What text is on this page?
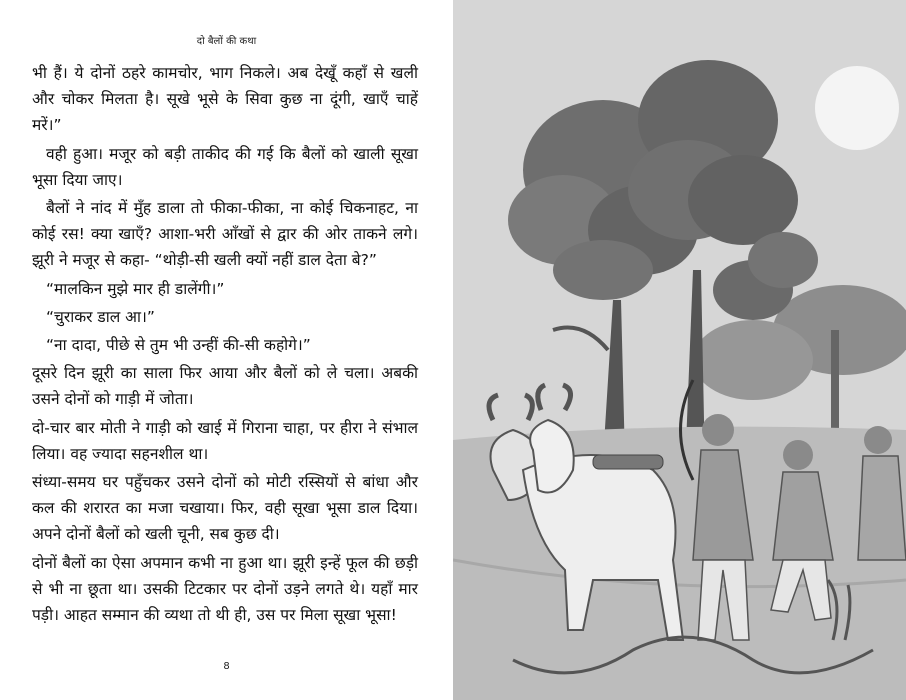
दो बैलों की कथा

भी हैं। ये दोनों ठहरे कामचोर, भाग निकले। अब देखूँ कहाँ से खली और चोकर मिलता है। सूखे भूसे के सिवा कुछ ना दूंगी, खाएँ चाहें मरें।”

वही हुआ। मजूर को बड़ी ताकीद की गई कि बैलों को खाली सूखा भूसा दिया जाए।

बैलों ने नांद में मुँह डाला तो फीका-फीका, ना कोई चिकनाहट, ना कोई रस! क्या खाएँ? आशा-भरी आँखों से द्वार की ओर ताकने लगे। झूरी ने मजूर से कहा- “थोड़ी-सी खली क्यों नहीं डाल देता बे?”

“मालकिन मुझे मार ही डालेंगी।”

“चुराकर डाल आ।”

“ना दादा, पीछे से तुम भी उन्हीं की-सी कहोगे।”

दूसरे दिन झूरी का साला फिर आया और बैलों को ले चला। अबकी उसने दोनों को गाड़ी में जोता।

दो-चार बार मोती ने गाड़ी को खाई में गिराना चाहा, पर हीरा ने संभाल लिया। वह ज्यादा सहनशील था।

संध्या-समय घर पहुँचकर उसने दोनों को मोटी रस्सियों से बांधा और कल की शरारत का मजा चखाया। फिर, वही सूखा भूसा डाल दिया। अपने दोनों बैलों को खली चूनी, सब कुछ दी।

दोनों बैलों का ऐसा अपमान कभी ना हुआ था। झूरी इन्हें फूल की छड़ी से भी ना छूता था। उसकी टिटकार पर दोनों उड़ने लगते थे। यहाँ मार पड़ी। आहत सम्मान की व्यथा तो थी ही, उस पर मिला सूखा भूसा!

8
